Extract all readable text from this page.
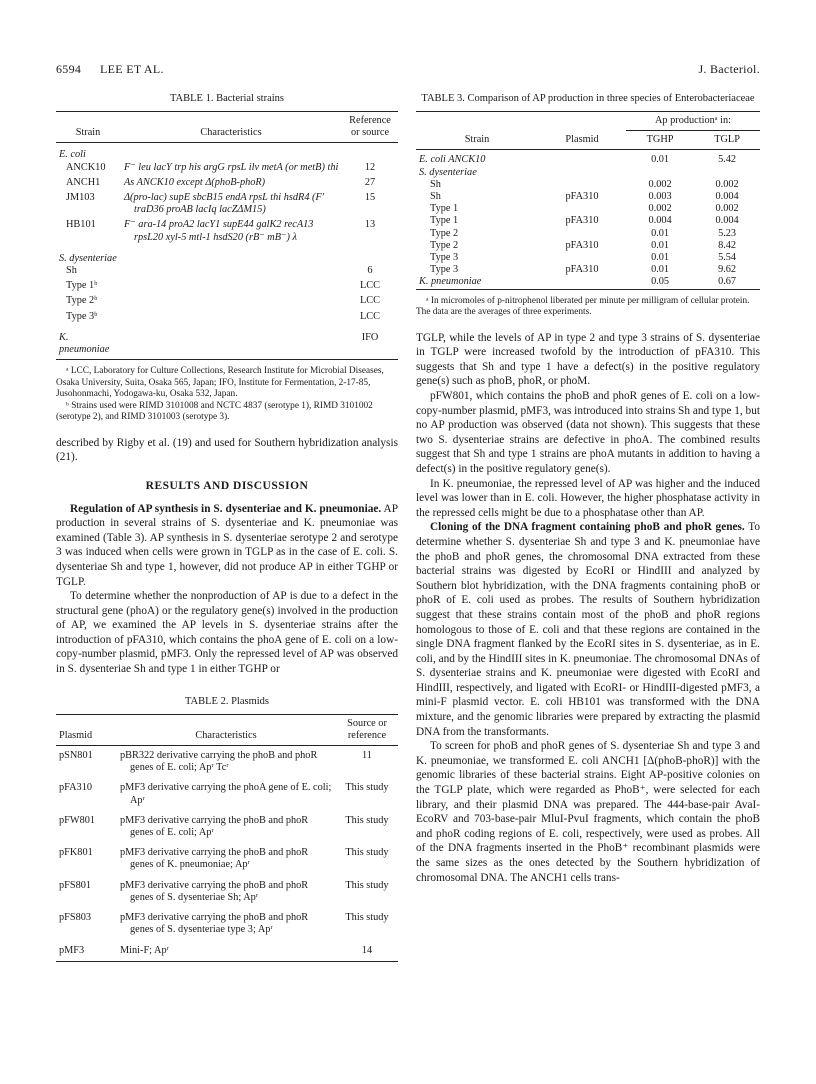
6594 LEE ET AL.	J. Bacteriol.
TABLE 1. Bacterial strains
Strain	Characteristics	Reference or source
E. coli		
ANCK10	F⁻ leu lacY trp his argG rpsL ilv metA (or metB) thi	12
ANCH1	As ANCK10 except Δ(phoB-phoR)	27
JM103	Δ(pro-lac) supE sbcB15 endA rpsL thi hsdR4 (F′ traD36 proAB lacIq lacZΔM15)	15
HB101	F⁻ ara-14 proA2 lacY1 supE44 galK2 recA13 rpsL20 xyl-5 mtl-1 hsdS20 (rB⁻ mB⁻) λ	13
S. dysenteriae		
Sh		6
Type 1ᵇ		LCC
Type 2ᵇ		LCC
Type 3ᵇ		LCC

K. pneumoniae		IFO

ᵃ LCC, Laboratory for Culture Collections, Research Institute for Microbial Diseases, Osaka University, Suita, Osaka 565, Japan; IFO, Institute for Fermentation, 2-17-85, Jusohonmachi, Yodogawa-ku, Osaka 532, Japan.

ᵇ Strains used were RIMD 3101008 and NCTC 4837 (serotype 1), RIMD 3101002 (serotype 2), and RIMD 3101003 (serotype 3).

described by Rigby et al. (19) and used for Southern hybridization analysis (21).

RESULTS AND DISCUSSION

Regulation of AP synthesis in S. dysenteriae and K. pneumoniae. AP production in several strains of S. dysenteriae and K. pneumoniae was examined (Table 3). AP synthesis in S. dysenteriae serotype 2 and serotype 3 was induced when cells were grown in TGLP as in the case of E. coli. S. dysenteriae Sh and type 1, however, did not produce AP in either TGHP or TGLP.

To determine whether the nonproduction of AP is due to a defect in the structural gene (phoA) or the regulatory gene(s) involved in the production of AP, we examined the AP levels in S. dysenteriae strains after the introduction of pFA310, which contains the phoA gene of E. coli on a low-copy-number plasmid, pMF3. Only the repressed level of AP was observed in S. dysenteriae Sh and type 1 in either TGHP or

TABLE 2. Plasmids
Plasmid	Characteristics	Source or reference
pSN801	pBR322 derivative carrying the phoB and phoR genes of E. coli; Apʳ Tcʳ	11
pFA310	pMF3 derivative carrying the phoA gene of E. coli; Apʳ	This study
pFW801	pMF3 derivative carrying the phoB and phoR genes of E. coli; Apʳ	This study
pFK801	pMF3 derivative carrying the phoB and phoR genes of K. pneumoniae; Apʳ	This study
pFS801	pMF3 derivative carrying the phoB and phoR genes of S. dysenteriae Sh; Apʳ	This study
pFS803	pMF3 derivative carrying the phoB and phoR genes of S. dysenteriae type 3; Apʳ	This study
pMF3	Mini-F; Apʳ	14
TABLE 3. Comparison of AP production in three species of Enterobacteriaceae
Strain	Plasmid	Ap productionᵃ in:	
		TGHP	TGLP
E. coli ANCK10		0.01	5.42
S. dysenteriae			
Sh		0.002	0.002
Sh	pFA310	0.003	0.004
Type 1		0.002	0.002
Type 1	pFA310	0.004	0.004
Type 2		0.01	5.23
Type 2	pFA310	0.01	8.42
Type 3		0.01	5.54
Type 3	pFA310	0.01	9.62
K. pneumoniae		0.05	0.67

ᵃ In micromoles of p-nitrophenol liberated per minute per milligram of cellular protein. The data are the averages of three experiments.

TGLP, while the levels of AP in type 2 and type 3 strains of S. dysenteriae in TGLP were increased twofold by the introduction of pFA310. This suggests that Sh and type 1 have a defect(s) in the positive regulatory gene(s) such as phoB, phoR, or phoM.

pFW801, which contains the phoB and phoR genes of E. coli on a low-copy-number plasmid, pMF3, was introduced into strains Sh and type 1, but no AP production was observed (data not shown). This suggests that these two S. dysenteriae strains are defective in phoA. The combined results suggest that Sh and type 1 strains are phoA mutants in addition to having a defect(s) in the positive regulatory gene(s).

In K. pneumoniae, the repressed level of AP was higher and the induced level was lower than in E. coli. However, the higher phosphatase activity in the repressed cells might be due to a phosphatase other than AP.

Cloning of the DNA fragment containing phoB and phoR genes. To determine whether S. dysenteriae Sh and type 3 and K. pneumoniae have the phoB and phoR genes, the chromosomal DNA extracted from these bacterial strains was digested by EcoRI or HindIII and analyzed by Southern blot hybridization, with the DNA fragments containing phoB or phoR of E. coli used as probes. The results of Southern hybridization suggest that these strains contain most of the phoB and phoR regions homologous to those of E. coli and that these regions are contained in the single DNA fragment flanked by the EcoRI sites in S. dysenteriae, as in E. coli, and by the HindIII sites in K. pneumoniae. The chromosomal DNAs of S. dysenteriae strains and K. pneumoniae were digested with EcoRI and HindIII, respectively, and ligated with EcoRI- or HindIII-digested pMF3, a mini-F plasmid vector. E. coli HB101 was transformed with the DNA mixture, and the genomic libraries were prepared by extracting the plasmid DNA from the transformants.

To screen for phoB and phoR genes of S. dysenteriae Sh and type 3 and K. pneumoniae, we transformed E. coli ANCH1 [Δ(phoB-phoR)] with the genomic libraries of these bacterial strains. Eight AP-positive colonies on the TGLP plate, which were regarded as PhoB⁺, were selected for each library, and their plasmid DNA was prepared. The 444-base-pair AvaI-EcoRV and 703-base-pair MluI-PvuI fragments, which contain the phoB and phoR coding regions of E. coli, respectively, were used as probes. All of the DNA fragments inserted in the PhoB⁺ recombinant plasmids were the same sizes as the ones detected by the Southern hybridization of chromosomal DNA. The ANCH1 cells trans-
